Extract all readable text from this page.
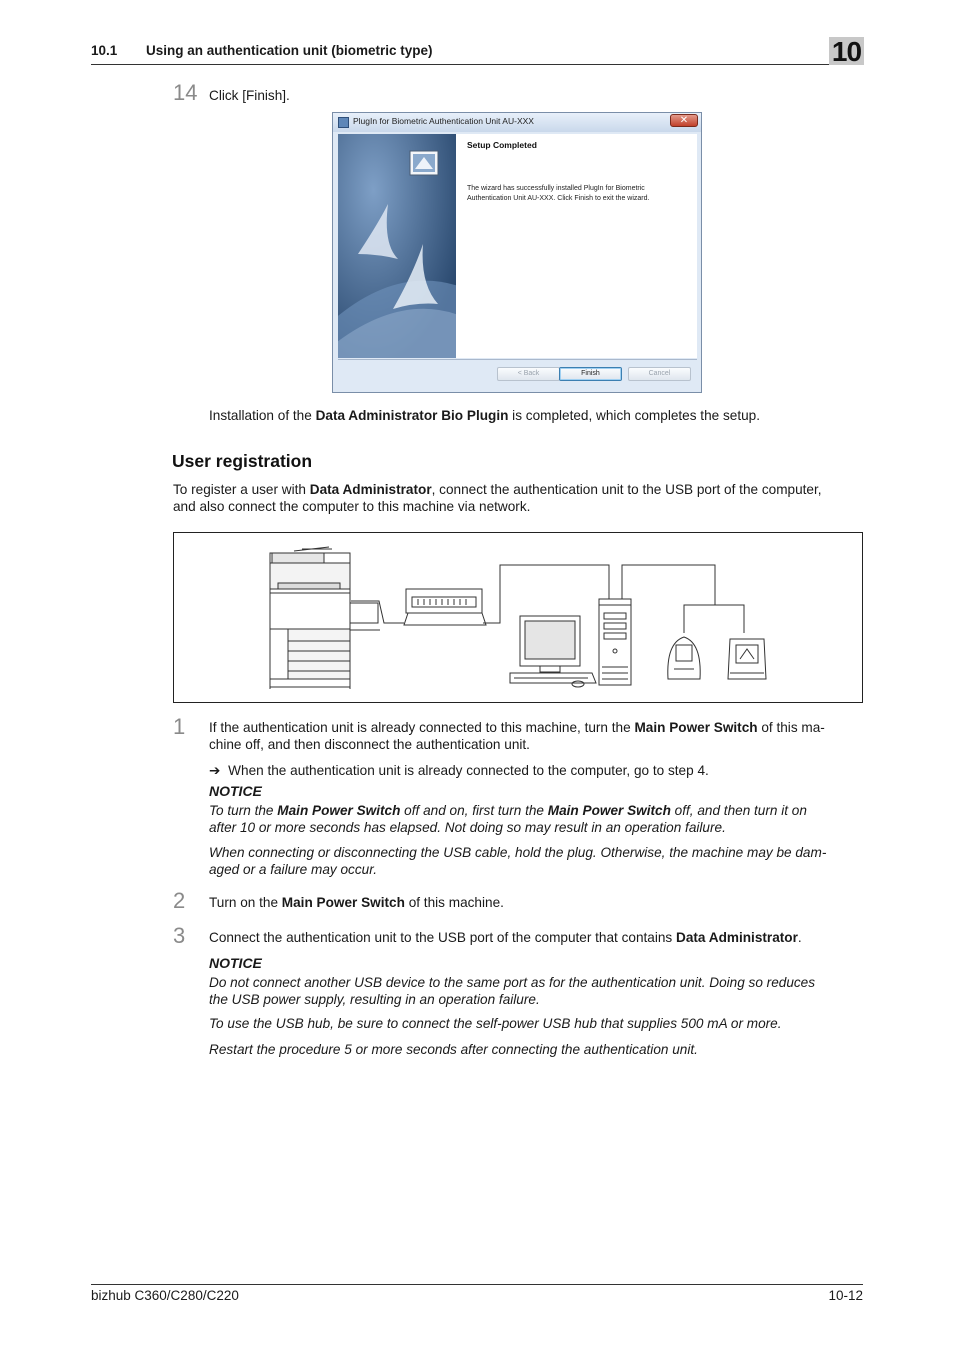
10.1 Using an authentication unit (biometric type)	10
14 Click [Finish].
PlugIn for Biometric Authentication Unit AU-XXX	✕
Setup Completed
The wizard has successfully installed PlugIn for Biometric Authentication Unit AU-XXX. Click Finish to exit the wizard.
< Back	Finish	Cancel
Installation of the Data Administrator Bio Plugin is completed, which completes the setup.
User registration
To register a user with Data Administrator, connect the authentication unit to the USB port of the computer,
and also connect the computer to this machine via network.
1 If the authentication unit is already connected to this machine, turn the Main Power Switch of this ma-
chine off, and then disconnect the authentication unit.
➔ When the authentication unit is already connected to the computer, go to step 4.
NOTICE
To turn the Main Power Switch off and on, first turn the Main Power Switch off, and then turn it on
after 10 or more seconds has elapsed. Not doing so may result in an operation failure.
When connecting or disconnecting the USB cable, hold the plug. Otherwise, the machine may be dam-
aged or a failure may occur.
2 Turn on the Main Power Switch of this machine.
3 Connect the authentication unit to the USB port of the computer that contains Data Administrator.
NOTICE
Do not connect another USB device to the same port as for the authentication unit. Doing so reduces
the USB power supply, resulting in an operation failure.
To use the USB hub, be sure to connect the self-power USB hub that supplies 500 mA or more.
Restart the procedure 5 or more seconds after connecting the authentication unit.
bizhub C360/C280/C220	10-12
